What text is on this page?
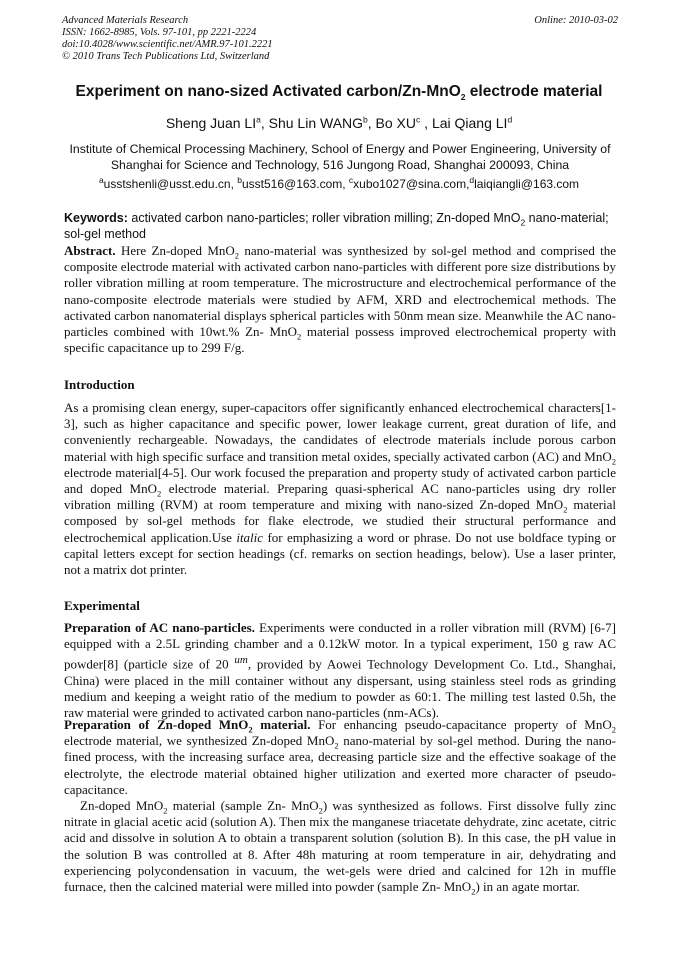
Advanced Materials Research
ISSN: 1662-8985, Vols. 97-101, pp 2221-2224
doi:10.4028/www.scientific.net/AMR.97-101.2221
© 2010 Trans Tech Publications Ltd, Switzerland
Online: 2010-03-02
Experiment on nano-sized Activated carbon/Zn-MnO$_2$ electrode material
Sheng Juan $LI^a$, Shu Lin WANG$^b$, Bo $XU^c$ , Lai Qiang $LI^d$
Institute of Chemical Processing Machinery, School of Energy and Power Engineering, University of
Shanghai for Science and Technology, 516 Jungong Road, Shanghai 200093, China
$^a$usstshenli@usst.edu.cn, $^b$usst516@163.com, $^c$xubo1027@sina.com,$^d$laiqiangli@163.com
Keywords: activated carbon nano-particles; roller vibration milling; Zn-doped MnO$_2$ nano-material; sol-gel method
Abstract. Here Zn-doped MnO$_2$ nano-material was synthesized by sol-gel method and comprised the composite electrode material with activated carbon nano-particles with different pore size distributions by roller vibration milling at room temperature. The microstructure and electrochemical performance of the nano-composite electrode materials were studied by AFM, XRD and electrochemical methods. The activated carbon nanomaterial displays spherical particles with 50nm mean size. Meanwhile the AC nano-particles combined with 10wt.% Zn- MnO$_2$ material possess improved electrochemical property with specific capacitance up to 299 F/g.
Introduction
As a promising clean energy, super-capacitors offer significantly enhanced electrochemical characters[1-3], such as higher capacitance and specific power, lower leakage current, great duration of life, and conveniently rechargeable. Nowadays, the candidates of electrode materials include porous carbon material with high specific surface and transition metal oxides, specially activated carbon (AC) and MnO$_2$ electrode material[4-5]. Our work focused the preparation and property study of activated carbon particle and doped MnO$_2$ electrode material. Preparing quasi-spherical AC nano-particles using dry roller vibration milling (RVM) at room temperature and mixing with nano-sized Zn-doped MnO$_2$ material composed by sol-gel methods for flake electrode, we studied their structural performance and electrochemical application.Use italic for emphasizing a word or phrase. Do not use boldface typing or capital letters except for section headings (cf. remarks on section headings, below). Use a laser printer, not a matrix dot printer.
Experimental
Preparation of AC nano-particles. Experiments were conducted in a roller vibration mill (RVM) [6-7] equipped with a 2.5L grinding chamber and a 0.12kW motor. In a typical experiment, 150 g raw AC powder[8] (particle size of 20 $^{um}$, provided by Aowei Technology Development Co. Ltd., Shanghai, China) were placed in the mill container without any dispersant, using stainless steel rods as grinding medium and keeping a weight ratio of the medium to powder as 60:1. The milling test lasted 0.5h, the raw material were grinded to activated carbon nano-particles (nm-ACs).
Preparation of Zn-doped MnO$_2$ material. For enhancing pseudo-capacitance property of MnO$_2$ electrode material, we synthesized Zn-doped MnO$_2$ nano-material by sol-gel method. During the nano-fined process, with the increasing surface area, decreasing particle size and the effective soakage of the electrolyte, the electrode material obtained higher utilization and exerted more character of pseudo-capacitance.
Zn-doped MnO$_2$ material (sample Zn- MnO$_2$) was synthesized as follows. First dissolve fully zinc nitrate in glacial acetic acid (solution A). Then mix the manganese triacetate dehydrate, zinc acetate, citric acid and dissolve in solution A to obtain a transparent solution (solution B). In this case, the pH value in the solution B was controlled at 8. After 48h maturing at room temperature in air, dehydrating and experiencing polycondensation in vacuum, the wet-gels were dried and calcined for 12h in muffle furnace, then the calcined material were milled into powder (sample Zn- MnO$_2$) in an agate mortar.
